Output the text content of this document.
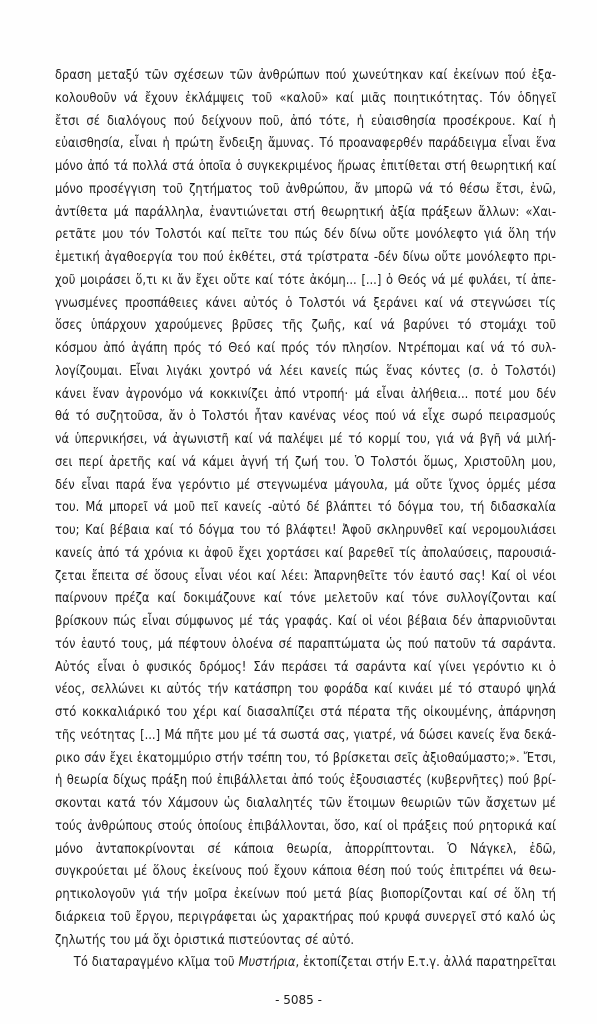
δραση μεταξύ τῶν σχέσεων τῶν ἀνθρώπων πού χωνεύτηκαν καί ἐκείνων πού ἐξα-
κολουθοῦν νά ἔχουν ἐκλάμψεις τοῦ «καλοῦ» καί μιᾶς ποιητικότητας. Τόν ὁδηγεῖ
ἔτσι σέ διαλόγους πού δείχνουν ποῦ, ἀπό τότε, ἡ εὐαισθησία προσέκρουε. Καί ἡ
εὐαισθησία, εἶναι ἡ πρώτη ἔνδειξη ἄμυνας. Τό προαναφερθέν παράδειγμα εἶναι ἕνα
μόνο ἀπό τά πολλά στά ὁποῖα ὁ συγκεκριμένος ἥρωας ἐπιτίθεται στή θεωρητική καί
μόνο προσέγγιση τοῦ ζητήματος τοῦ ἀνθρώπου, ἄν μπορῶ νά τό θέσω ἔτσι, ἐνῶ,
ἀντίθετα μά παράλληλα, ἐναντιώνεται στή θεωρητική ἀξία πράξεων ἄλλων: «Χαι-
ρετᾶτε μου τόν Τολστόι καί πεῖτε του πώς δέν δίνω οὔτε μονόλεφτο γιά ὅλη τήν
ἐμετική ἀγαθοεργία του πού ἐκθέτει, στά τρίστρατα -δέν δίνω οὔτε μονόλεφτο πρι-
χοῦ μοιράσει ὅ,τι κι ἄν ἔχει οὔτε καί τότε ἀκόμη... [...] ὁ Θεός νά μέ φυλάει, τί ἀπε-
γνωσμένες προσπάθειες κάνει αὐτός ὁ Τολστόι νά ξεράνει καί νά στεγνώσει τίς
ὅσες ὑπάρχουν χαρούμενες βρῦσες τῆς ζωῆς, καί νά βαρύνει τό στομάχι τοῦ
κόσμου ἀπό ἀγάπη πρός τό Θεό καί πρός τόν πλησίον. Ντρέπομαι καί νά τό συλ-
λογίζουμαι. Εἶναι λιγάκι χοντρό νά λέει κανείς πώς ἕνας κόντες (σ. ὁ Τολστόι)
κάνει ἕναν ἀγρονόμο νά κοκκινίζει ἀπό ντροπή· μά εἶναι ἀλήθεια... ποτέ μου δέν
θά τό συζητοῦσα, ἄν ὁ Τολστόι ἦταν κανένας νέος πού νά εἶχε σωρό πειρασμούς
νά ὑπερνικήσει, νά ἀγωνιστῆ καί νά παλέψει μέ τό κορμί του, γιά νά βγῆ νά μιλή-
σει περί ἀρετῆς καί νά κάμει ἁγνή τή ζωή του. Ὁ Τολστόι ὅμως, Χριστοῦλη μου,
δέν εἶναι παρά ἕνα γερόντιο μέ στεγνωμένα μάγουλα, μά οὔτε ἴχνος ὁρμές μέσα
του. Μά μπορεῖ νά μοῦ πεῖ κανείς -αὐτό δέ βλάπτει τό δόγμα του, τή διδασκαλία
του; Καί βέβαια καί τό δόγμα του τό βλάφτει! Ἀφοῦ σκληρυνθεῖ καί νερομουλιάσει
κανείς ἀπό τά χρόνια κι ἀφοῦ ἔχει χορτάσει καί βαρεθεῖ τίς ἀπολαύσεις, παρουσιά-
ζεται ἔπειτα σέ ὅσους εἶναι νέοι καί λέει: Ἀπαρνηθεῖτε τόν ἑαυτό σας! Καί οἱ νέοι
παίρνουν πρέζα καί δοκιμάζουνε καί τόνε μελετοῦν καί τόνε συλλογίζονται καί
βρίσκουν πώς εἶναι σύμφωνος μέ τάς γραφάς. Καί οἱ νέοι βέβαια δέν ἀπαρνιοῦνται
τόν ἑαυτό τους, μά πέφτουν ὁλοένα σέ παραπτώματα ὡς πού πατοῦν τά σαράντα.
Αὐτός εἶναι ὁ φυσικός δρόμος! Σάν περάσει τά σαράντα καί γίνει γερόντιο κι ὁ
νέος, σελλώνει κι αὐτός τήν κατάσπρη του φοράδα καί κινάει μέ τό σταυρό ψηλά
στό κοκκαλιάρικό του χέρι καί διασαλπίζει στά πέρατα τῆς οἰκουμένης, ἀπάρνηση
τῆς νεότητας [...] Μά πῆτε μου μέ τά σωστά σας, γιατρέ, νά δώσει κανείς ἕνα δεκά-
ρικο σάν ἔχει ἑκατομμύριο στήν τσέπη του, τό βρίσκεται σεῖς ἀξιοθαύμαστο;». Ἔτσι,
ἡ θεωρία δίχως πράξη πού ἐπιβάλλεται ἀπό τούς ἐξουσιαστές (κυβερνῆτες) πού βρί-
σκονται κατά τόν Χάμσουν ὡς διαλαλητές τῶν ἕτοιμων θεωριῶν τῶν ἄσχετων μέ
τούς ἀνθρώπους στούς ὁποίους ἐπιβάλλονται, ὅσο, καί οἱ πράξεις πού ρητορικά καί
μόνο ἀνταποκρίνονται σέ κάποια θεωρία, ἀπορρίπτονται. Ὁ Νάγκελ, ἐδῶ,
συγκρούεται μέ ὅλους ἐκείνους πού ἔχουν κάποια θέση πού τούς ἐπιτρέπει νά θεω-
ρητικολογοῦν γιά τήν μοῖρα ἐκείνων πού μετά βίας βιοπορίζονται καί σέ ὅλη τή
διάρκεια τοῦ ἔργου, περιγράφεται ὡς χαρακτήρας πού κρυφά συνεργεῖ στό καλό ὡς
ζηλωτής του μά ὄχι ὀριστικά πιστεύοντας σέ αὐτό.
Τό διαταραγμένο κλῖμα τοῦ Μυστήρια, ἐκτοπίζεται στήν Ε.τ.γ. ἀλλά παρατηρεῖται
- 5085 -
